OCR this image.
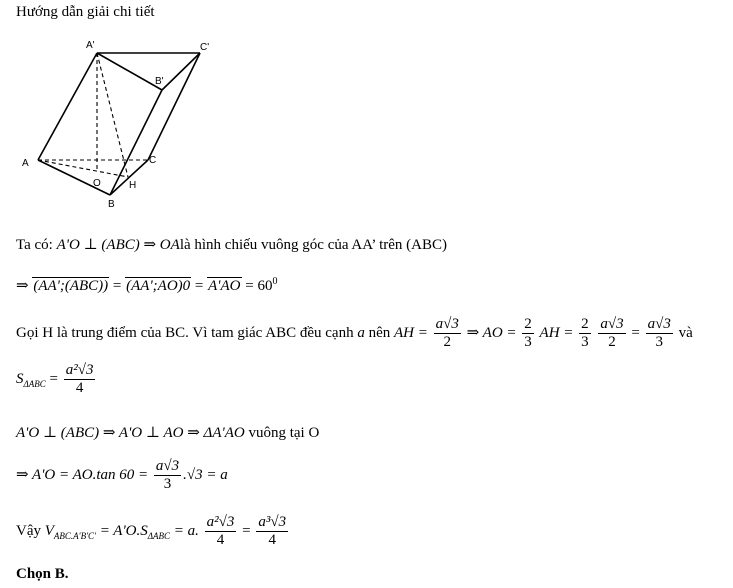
Hướng dẫn giải chi tiết
A'	C'
B'
A	C
O	H
B
Ta có: A'O ⊥ (ABC) ⇒ OAlà hình chiếu vuông góc của AA’ trên (ABC)
⇒ (AA';(ABC)) = (AA';AO)0 = $A'AO = 60^0$
Gọi H là trung điểm của BC. Vì tam giác ABC đều cạnh a nên AH = $\frac{a√3}{2}$ ⇒ AO = $\frac{2}{3}$ AH = $\frac{2}{3}$
$\frac{a√3}{2} = \frac{a√3}{3}$ và
$S_{\Delta ABC} = \frac{\text{a²√3}}{4}$
A'O ⊥ (ABC) ⇒ A'O ⊥ AO ⇒ ΔA'AO vuông tại O
⇒ A'O = AO.tan $60 = \frac{a√3}{3} .√3 = a$
Vậy $V_{ABC.A'B'C'} = A'O.S_{\Delta ABC} = a$. $\frac{\text{a²√3}}{4} = \frac{\text{a³√3}}{4}$
Chọn B.
